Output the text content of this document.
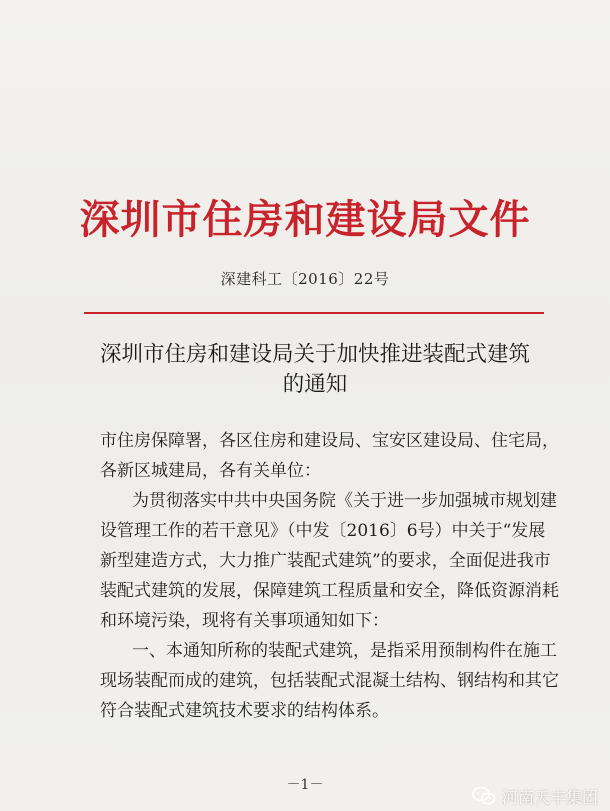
深圳市住房和建设局文件
深建科工〔2016〕22号
深圳市住房和建设局关于加快推进装配式建筑
的通知
市住房保障署，各区住房和建设局、宝安区建设局、住宅局，
各新区城建局，各有关单位：
为贯彻落实中共中央国务院《关于进一步加强城市规划建
设管理工作的若干意见》（中发〔2016〕6号）中关于“发展
新型建造方式，大力推广装配式建筑”的要求，全面促进我市
装配式建筑的发展，保障建筑工程质量和安全，降低资源消耗
和环境污染，现将有关事项通知如下：
一、本通知所称的装配式建筑，是指采用预制构件在施工
现场装配而成的建筑，包括装配式混凝土结构、钢结构和其它
符合装配式建筑技术要求的结构体系。
－1－
河南天丰集团
